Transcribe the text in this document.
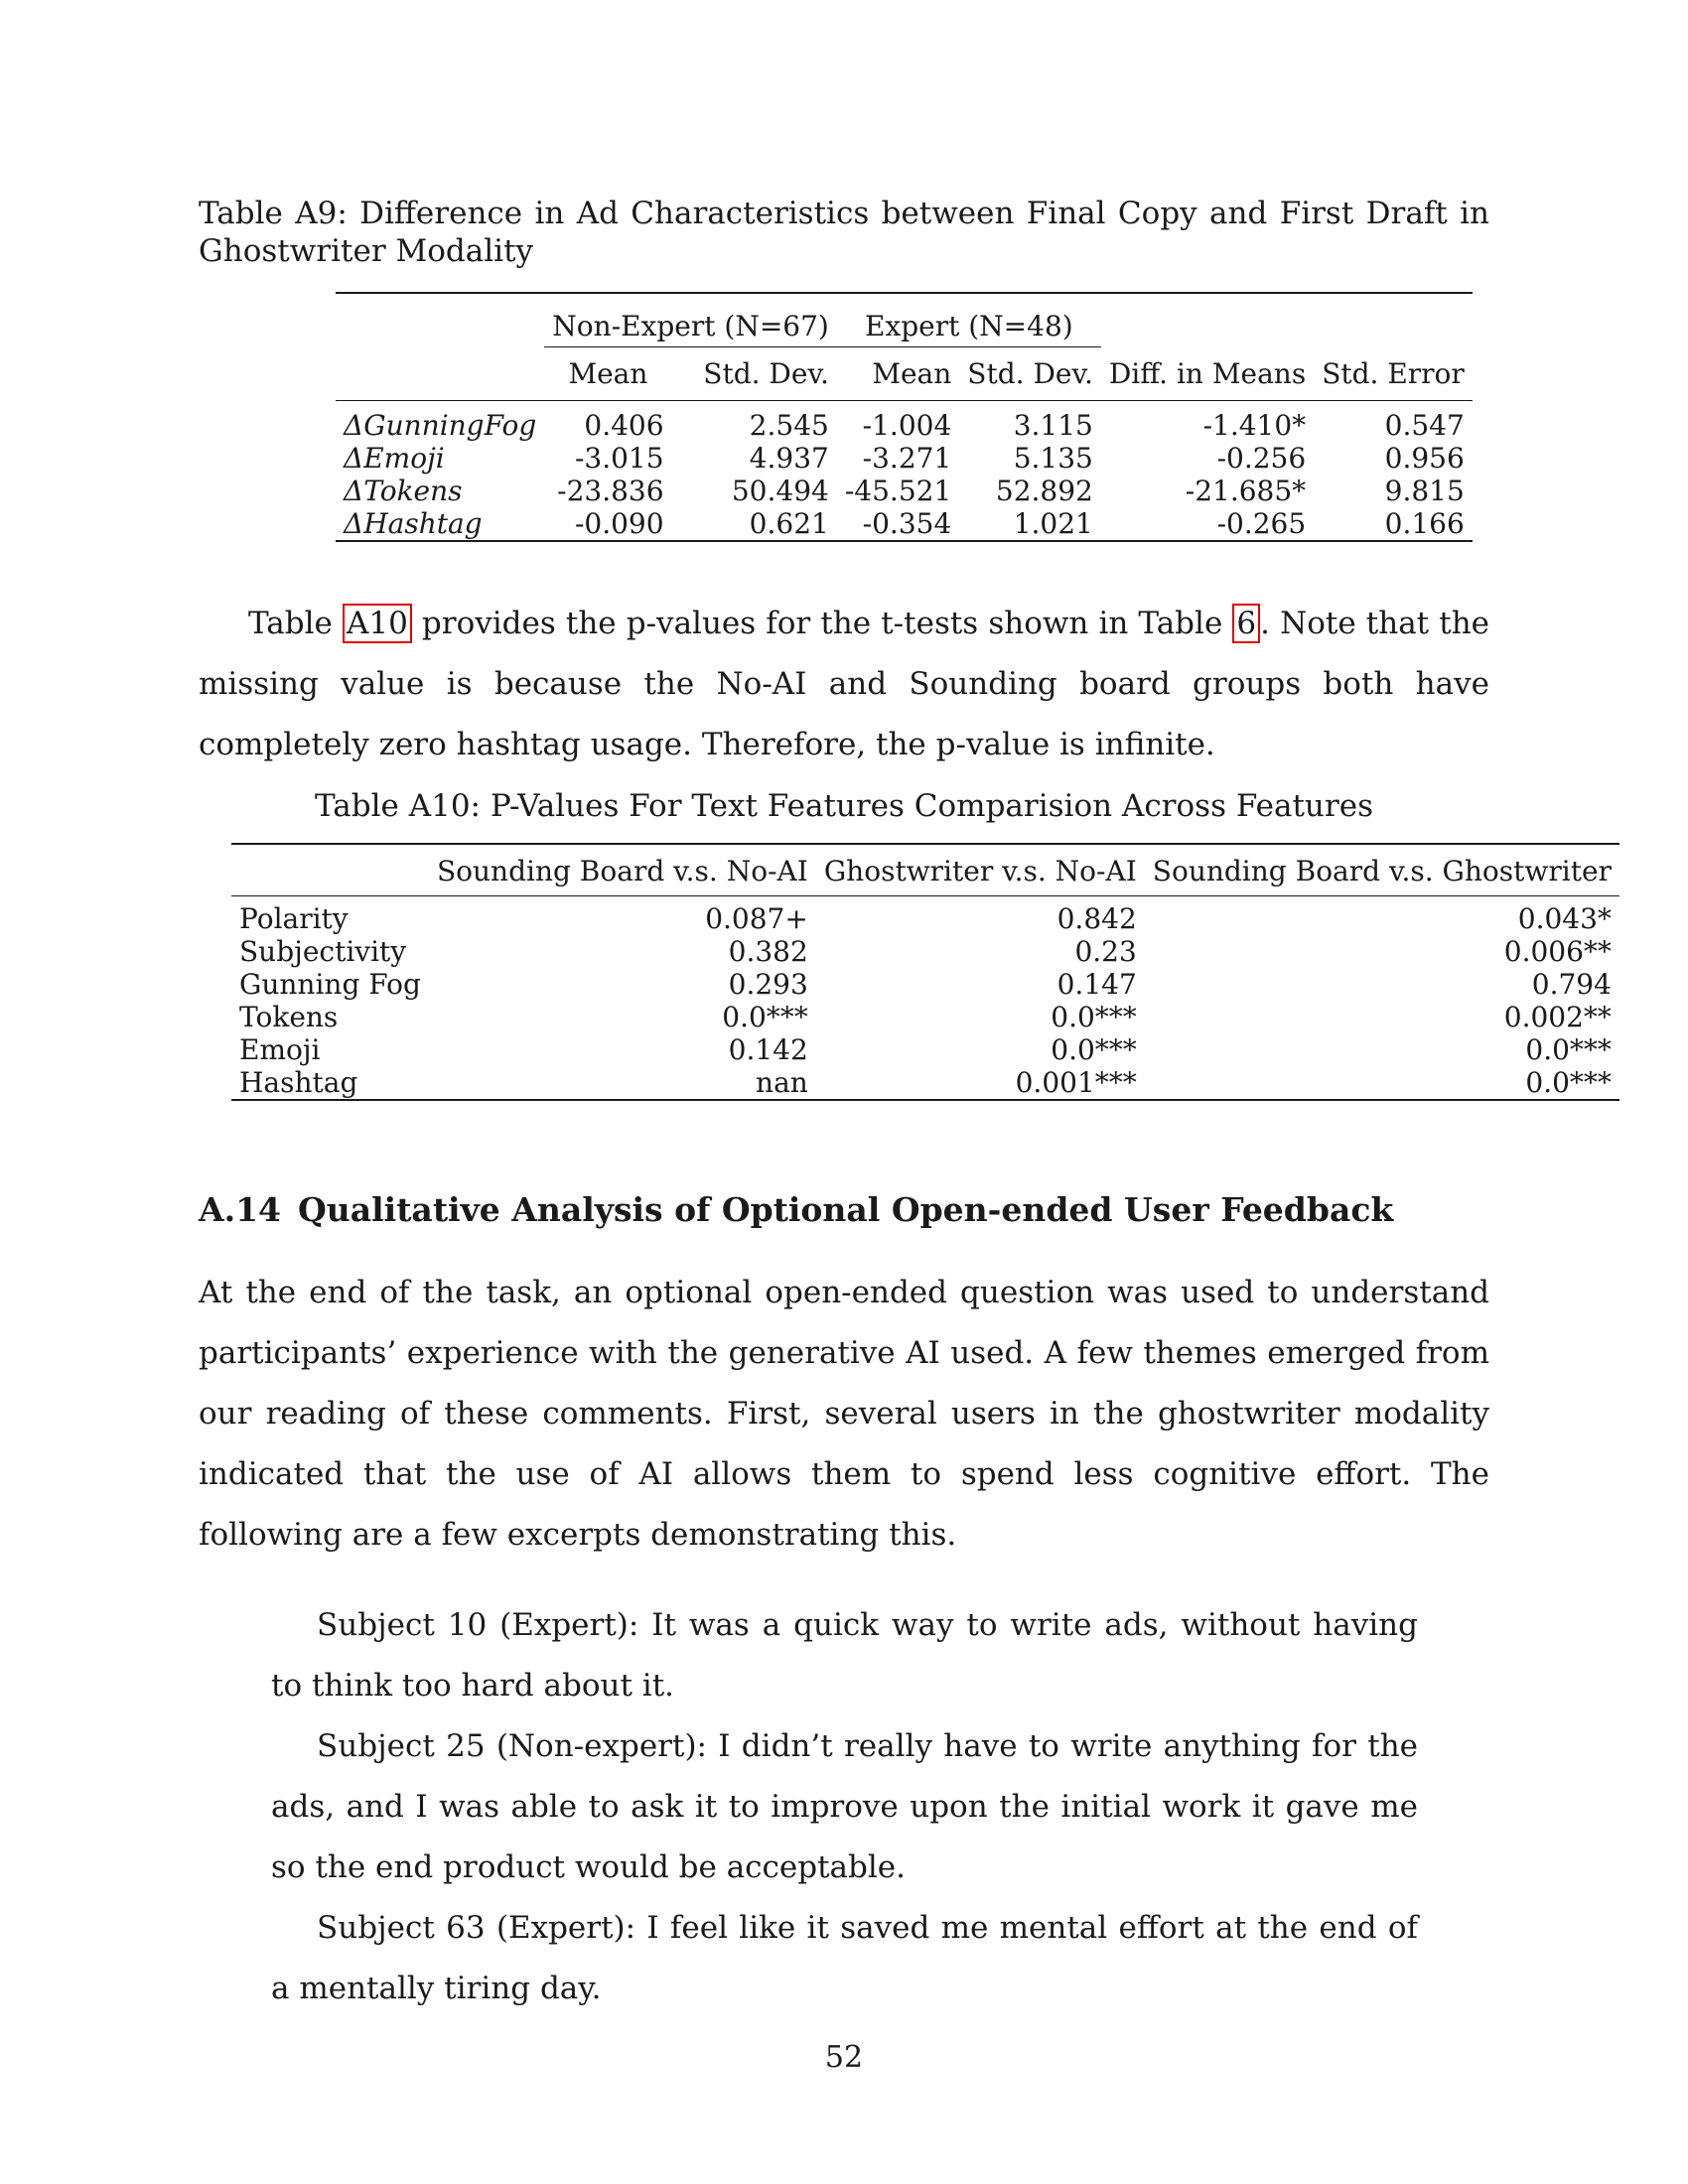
Table A9: Difference in Ad Characteristics between Final Copy and First Draft in Ghostwriter Modality

	Non-Expert (N=67)		Expert (N=48)			
	Mean	Std. Dev.	Mean	Std. Dev.	Diff. in Means	Std. Error

ΔGunningFog	0.406	2.545	-1.004	3.115	-1.410*	0.547
ΔEmoji	-3.015	4.937	-3.271	5.135	-0.256	0.956
ΔTokens	-23.836	50.494	-45.521	52.892	-21.685*	9.815
ΔHashtag	-0.090	0.621	-0.354	1.021	-0.265	0.166

Table A10 provides the p-values for the t-tests shown in Table 6 . Note that the missing value is because the No-AI and Sounding board groups both have completely zero hashtag usage. Therefore, the p-value is infinite.

Table A10: P-Values For Text Features Comparision Across Features

	Sounding Board v.s. No-AI	Ghostwriter v.s. No-AI	Sounding Board v.s. Ghostwriter

Polarity	0.087+	0.842	0.043*
Subjectivity	0.382	0.23	0.006**
Gunning Fog	0.293	0.147	0.794
Tokens	0.0***	0.0***	0.002**
Emoji	0.142	0.0***	0.0***
Hashtag	nan	0.001***	0.0***

A.14 Qualitative Analysis of Optional Open-ended User Feedback

At the end of the task, an optional open-ended question was used to understand participants’ experience with the generative AI used. A few themes emerged from our reading of these comments. First, several users in the ghostwriter modality indicated that the use of AI allows them to spend less cognitive effort. The following are a few excerpts demonstrating this.

Subject 10 (Expert): It was a quick way to write ads, without having to think too hard about it.

Subject 25 (Non-expert): I didn’t really have to write anything for the ads, and I was able to ask it to improve upon the initial work it gave me so the end product would be acceptable.

Subject 63 (Expert): I feel like it saved me mental effort at the end of a mentally tiring day.

52
